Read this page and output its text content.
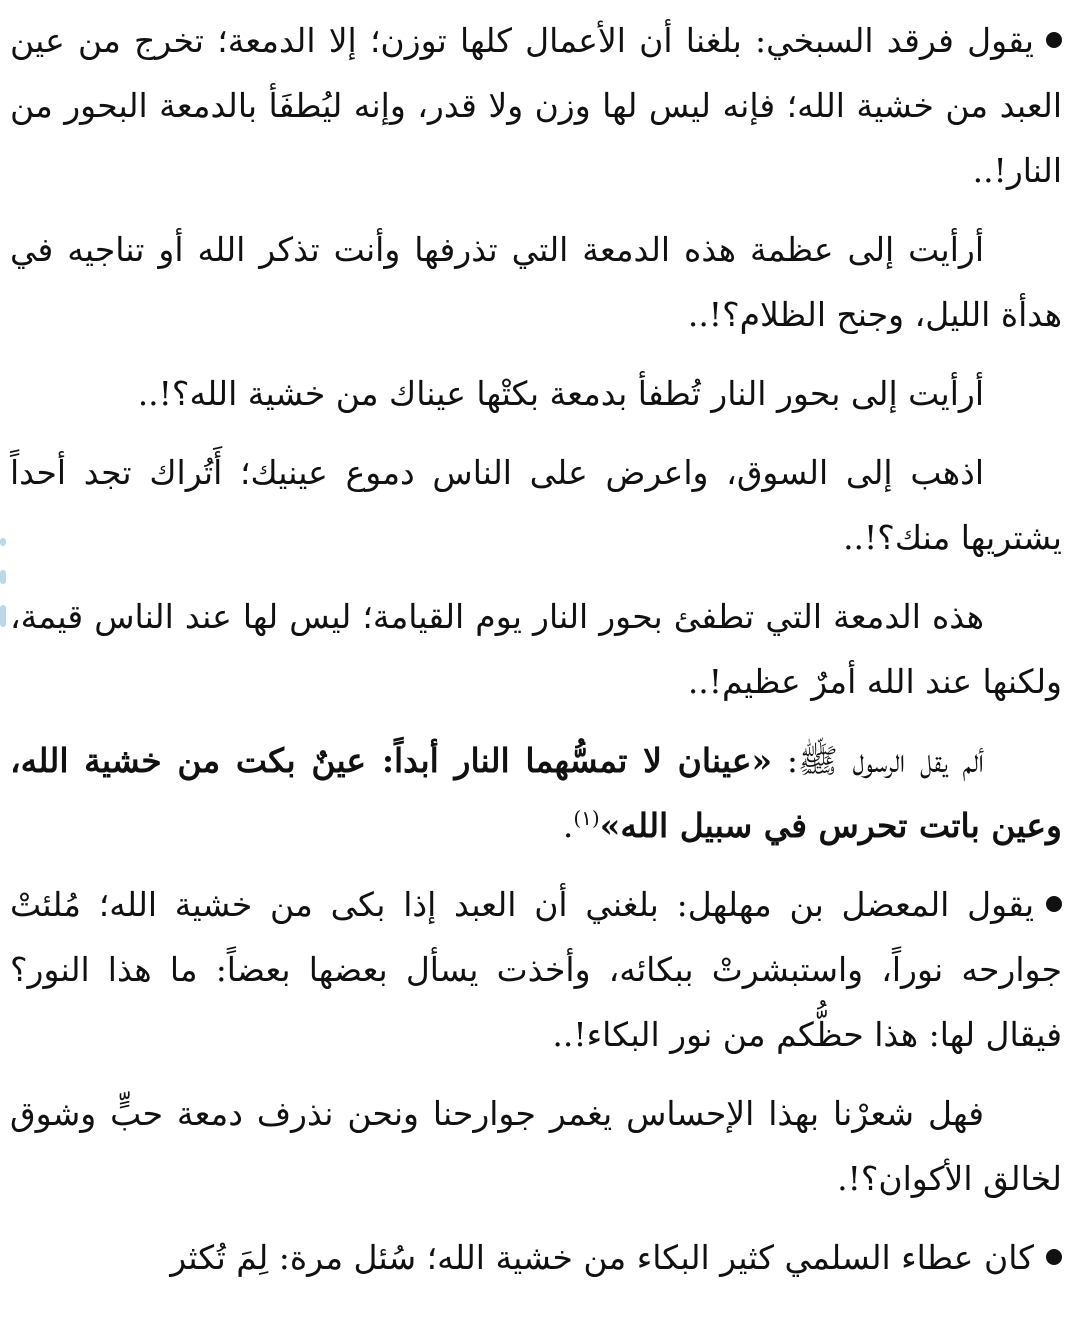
يقول فرقد السبخي: بلغنا أن الأعمال كلها توزن؛ إلا الدمعة؛ تخرج من عين العبد من خشية الله؛ فإنه ليس لها وزن ولا قدر، وإنه ليُطفَأ بالدمعة البحور من النار!..

أرأيت إلى عظمة هذه الدمعة التي تذرفها وأنت تذكر الله أو تناجيه في هدأة الليل، وجنح الظلام؟!..

أرأيت إلى بحور النار تُطفأ بدمعة بكتْها عيناك من خشية الله؟!..

اذهب إلى السوق، واعرض على الناس دموع عينيك؛ أَتُراك تجد أحداً يشتريها منك؟!..

هذه الدمعة التي تطفئ بحور النار يوم القيامة؛ ليس لها عند الناس قيمة، ولكنها عند الله أمرٌ عظيم!..

ألم يقل الرسول ﷺ: «عينان لا تمسُّهما النار أبداً: عينٌ بكت من خشية الله، وعين باتت تحرس في سبيل الله»$^{(١)}$.

يقول المعضل بن مهلهل: بلغني أن العبد إذا بكى من خشية الله؛ مُلئتْ جوارحه نوراً، واستبشرتْ ببكائه، وأخذت يسأل بعضها بعضاً: ما هذا النور؟ فيقال لها: هذا حظُّكم من نور البكاء!..

فهل شعرْنا بهذا الإحساس يغمر جوارحنا ونحن نذرف دمعة حبٍّ وشوق لخالق الأكوان؟!.

كان عطاء السلمي كثير البكاء من خشية الله؛ سُئل مرة: لِمَ تُكثر
